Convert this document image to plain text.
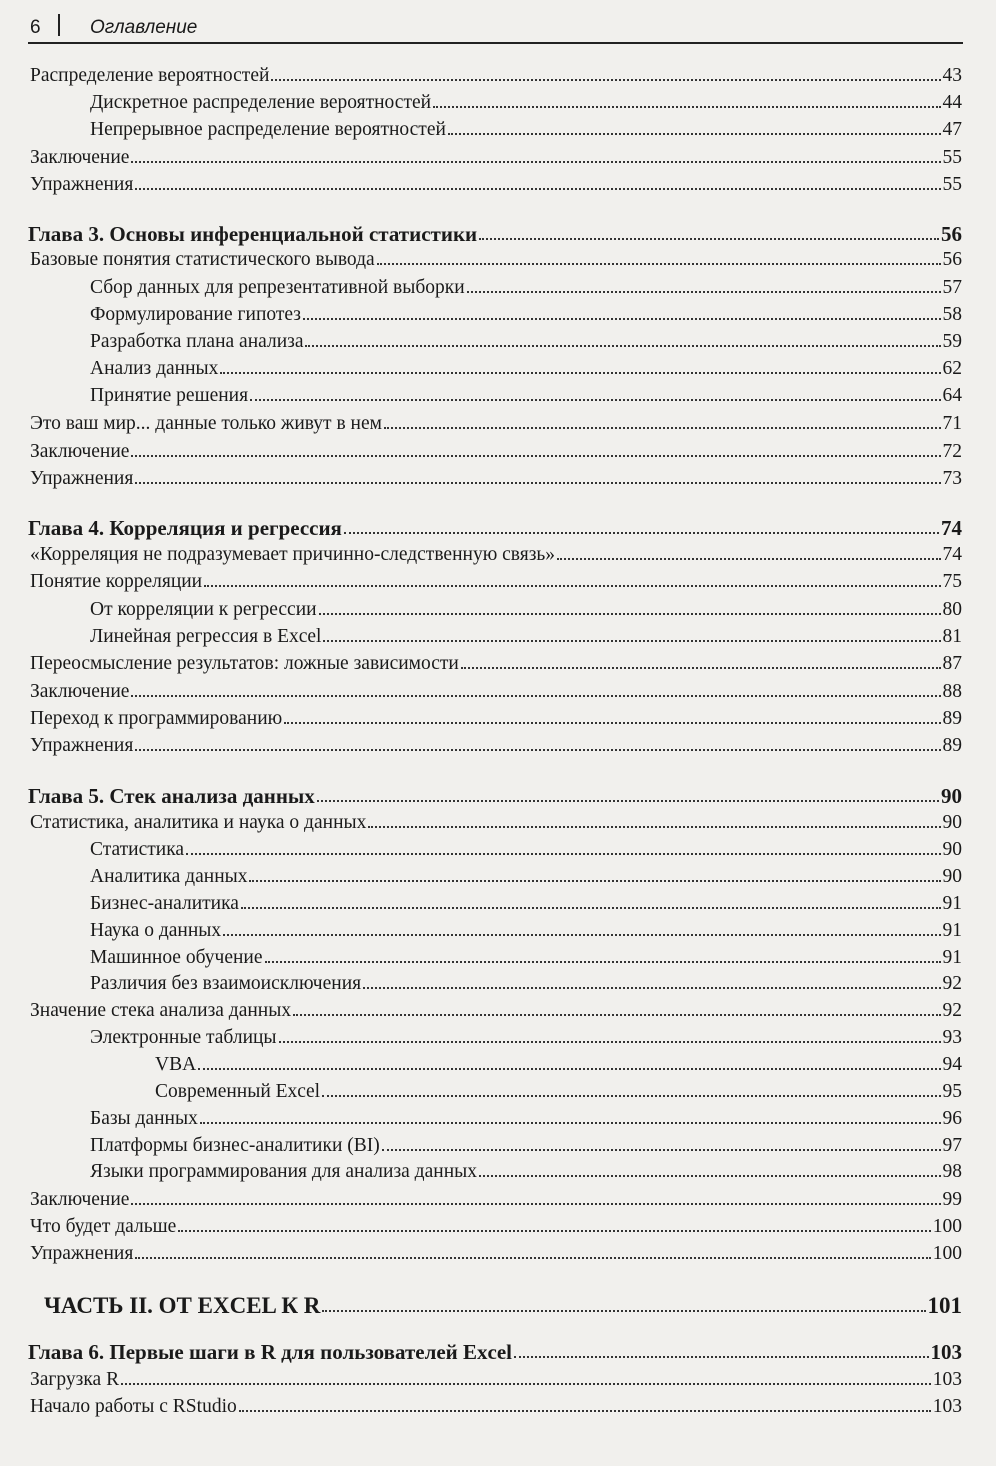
6	Оглавление
Распределение вероятностей	43
Дискретное распределение вероятностей	44
Непрерывное распределение вероятностей	47
Заключение	55
Упражнения	55
Глава 3. Основы инференциальной статистики	56
Базовые понятия статистического вывода	56
Сбор данных для репрезентативной выборки	57
Формулирование гипотез	58
Разработка плана анализа	59
Анализ данных	62
Принятие решения	64
Это ваш мир... данные только живут в нем	71
Заключение	72
Упражнения	73
Глава 4. Корреляция и регрессия	74
«Корреляция не подразумевает причинно-следственную связь»	74
Понятие корреляции	75
От корреляции к регрессии	80
Линейная регрессия в Excel	81
Переосмысление результатов: ложные зависимости	87
Заключение	88
Переход к программированию	89
Упражнения	89
Глава 5. Стек анализа данных	90
Статистика, аналитика и наука о данных	90
Статистика	90
Аналитика данных	90
Бизнес-аналитика	91
Наука о данных	91
Машинное обучение	91
Различия без взаимоисключения	92
Значение стека анализа данных	92
Электронные таблицы	93
VBA	94
Современный Excel	95
Базы данных	96
Платформы бизнес-аналитики (BI)	97
Языки программирования для анализа данных	98
Заключение	99
Что будет дальше	100
Упражнения	100
ЧАСТЬ II. ОТ EXCEL К R	101
Глава 6. Первые шаги в R для пользователей Excel	103
Загрузка R	103
Начало работы с RStudio	103
